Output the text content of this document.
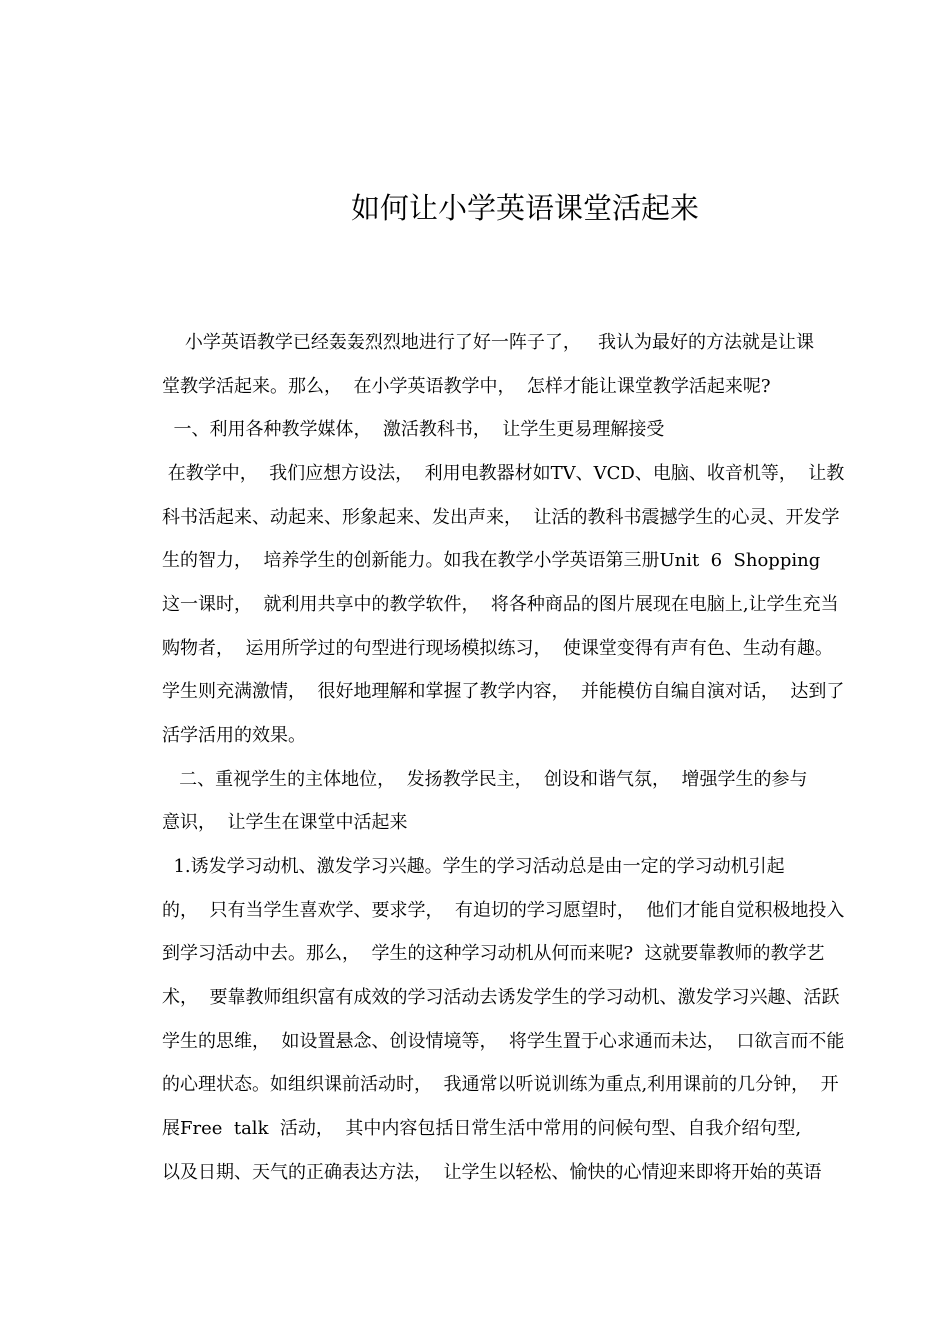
如何让小学英语课堂活起来
小学英语教学已经轰轰烈烈地进行了好一阵子了，   我认为最好的方法就是让课
堂教学活起来。那么，  在小学英语教学中，  怎样才能让课堂教学活起来呢?
一、利用各种教学媒体，  激活教科书，  让学生更易理解接受
在教学中，  我们应想方设法，  利用电教器材如TV、VCD、电脑、收音机等，  让教
科书活起来、动起来、形象起来、发出声来，  让活的教科书震撼学生的心灵、开发学
生的智力，  培养学生的创新能力。如我在教学小学英语第三册Unit  6  Shopping
这一课时，  就利用共享中的教学软件，  将各种商品的图片展现在电脑上,让学生充当
购物者，  运用所学过的句型进行现场模拟练习，  使课堂变得有声有色、生动有趣。
学生则充满激情，  很好地理解和掌握了教学内容，  并能模仿自编自演对话，  达到了
活学活用的效果。
二、重视学生的主体地位，  发扬教学民主，  创设和谐气氛，  增强学生的参与
意识，  让学生在课堂中活起来
1.诱发学习动机、激发学习兴趣。学生的学习活动总是由一定的学习动机引起
的，  只有当学生喜欢学、要求学，  有迫切的学习愿望时，  他们才能自觉积极地投入
到学习活动中去。那么，  学生的这种学习动机从何而来呢?  这就要靠教师的教学艺
术，  要靠教师组织富有成效的学习活动去诱发学生的学习动机、激发学习兴趣、活跃
学生的思维，  如设置悬念、创设情境等，  将学生置于心求通而未达，  口欲言而不能
的心理状态。如组织课前活动时，  我通常以听说训练为重点,利用课前的几分钟，  开
展Free  talk  活动，  其中内容包括日常生活中常用的问候句型、自我介绍句型,
以及日期、天气的正确表达方法，  让学生以轻松、愉快的心情迎来即将开始的英语
